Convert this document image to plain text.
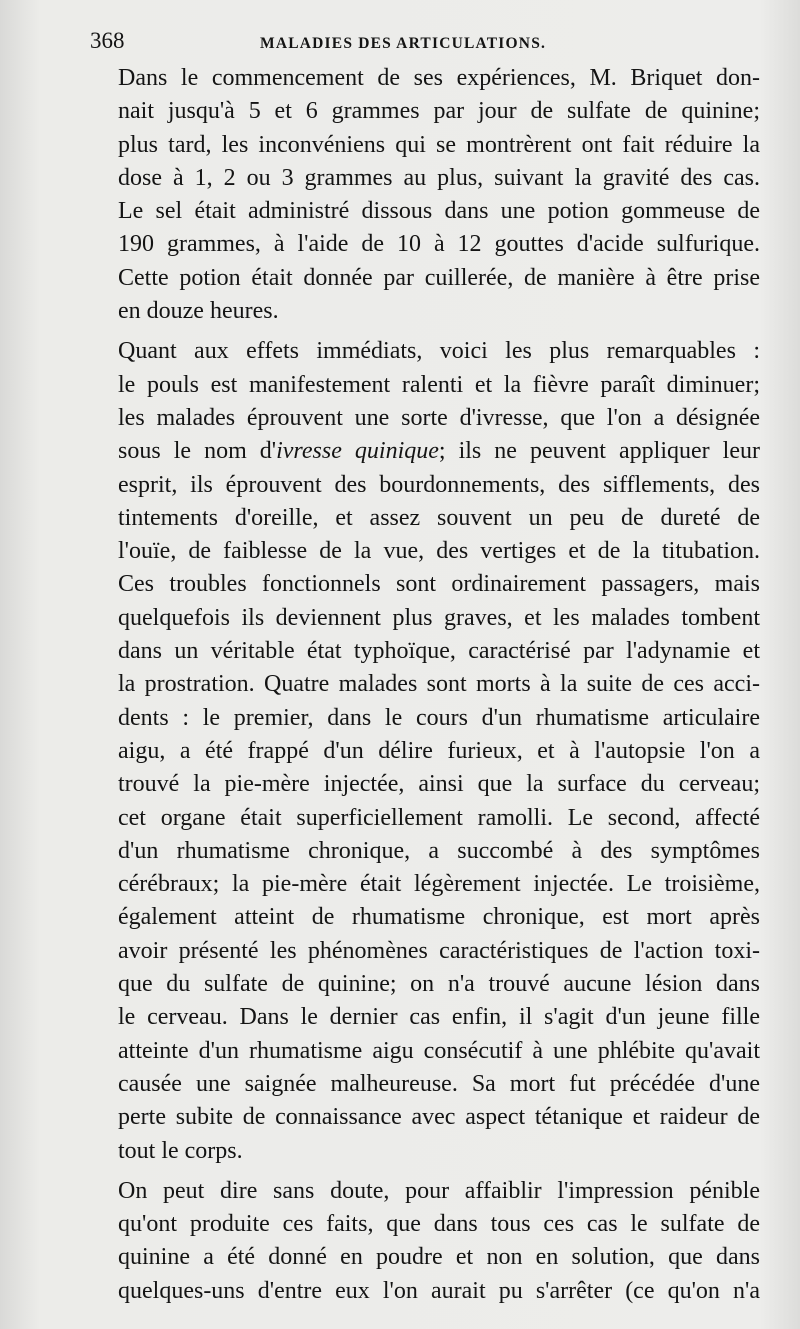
368	MALADIES DES ARTICULATIONS.

Dans le commencement de ses expériences, M. Briquet don-
nait jusqu'à 5 et 6 grammes par jour de sulfate de quinine;
plus tard, les inconvéniens qui se montrèrent ont fait réduire la
dose à 1, 2 ou 3 grammes au plus, suivant la gravité des cas.
Le sel était administré dissous dans une potion gommeuse de
190 grammes, à l'aide de 10 à 12 gouttes d'acide sulfurique.
Cette potion était donnée par cuillerée, de manière à être prise
en douze heures.

Quant aux effets immédiats, voici les plus remarquables :
le pouls est manifestement ralenti et la fièvre paraît diminuer;
les malades éprouvent une sorte d'ivresse, que l'on a désignée
sous le nom d'ivresse quinique; ils ne peuvent appliquer leur
esprit, ils éprouvent des bourdonnements, des sifflements, des
tintements d'oreille, et assez souvent un peu de dureté de
l'ouïe, de faiblesse de la vue, des vertiges et de la titubation.
Ces troubles fonctionnels sont ordinairement passagers, mais
quelquefois ils deviennent plus graves, et les malades tombent
dans un véritable état typhoïque, caractérisé par l'adynamie et
la prostration. Quatre malades sont morts à la suite de ces acci-
dents : le premier, dans le cours d'un rhumatisme articulaire
aigu, a été frappé d'un délire furieux, et à l'autopsie l'on a
trouvé la pie-mère injectée, ainsi que la surface du cerveau;
cet organe était superficiellement ramolli. Le second, affecté
d'un rhumatisme chronique, a succombé à des symptômes
cérébraux; la pie-mère était légèrement injectée. Le troisième,
également atteint de rhumatisme chronique, est mort après
avoir présenté les phénomènes caractéristiques de l'action toxi-
que du sulfate de quinine; on n'a trouvé aucune lésion dans
le cerveau. Dans le dernier cas enfin, il s'agit d'un jeune fille
atteinte d'un rhumatisme aigu consécutif à une phlébite qu'avait
causée une saignée malheureuse. Sa mort fut précédée d'une
perte subite de connaissance avec aspect tétanique et raideur de
tout le corps.

On peut dire sans doute, pour affaiblir l'impression pénible
qu'ont produite ces faits, que dans tous ces cas le sulfate de
quinine a été donné en poudre et non en solution, que dans
quelques-uns d'entre eux l'on aurait pu s'arrêter (ce qu'on n'a
